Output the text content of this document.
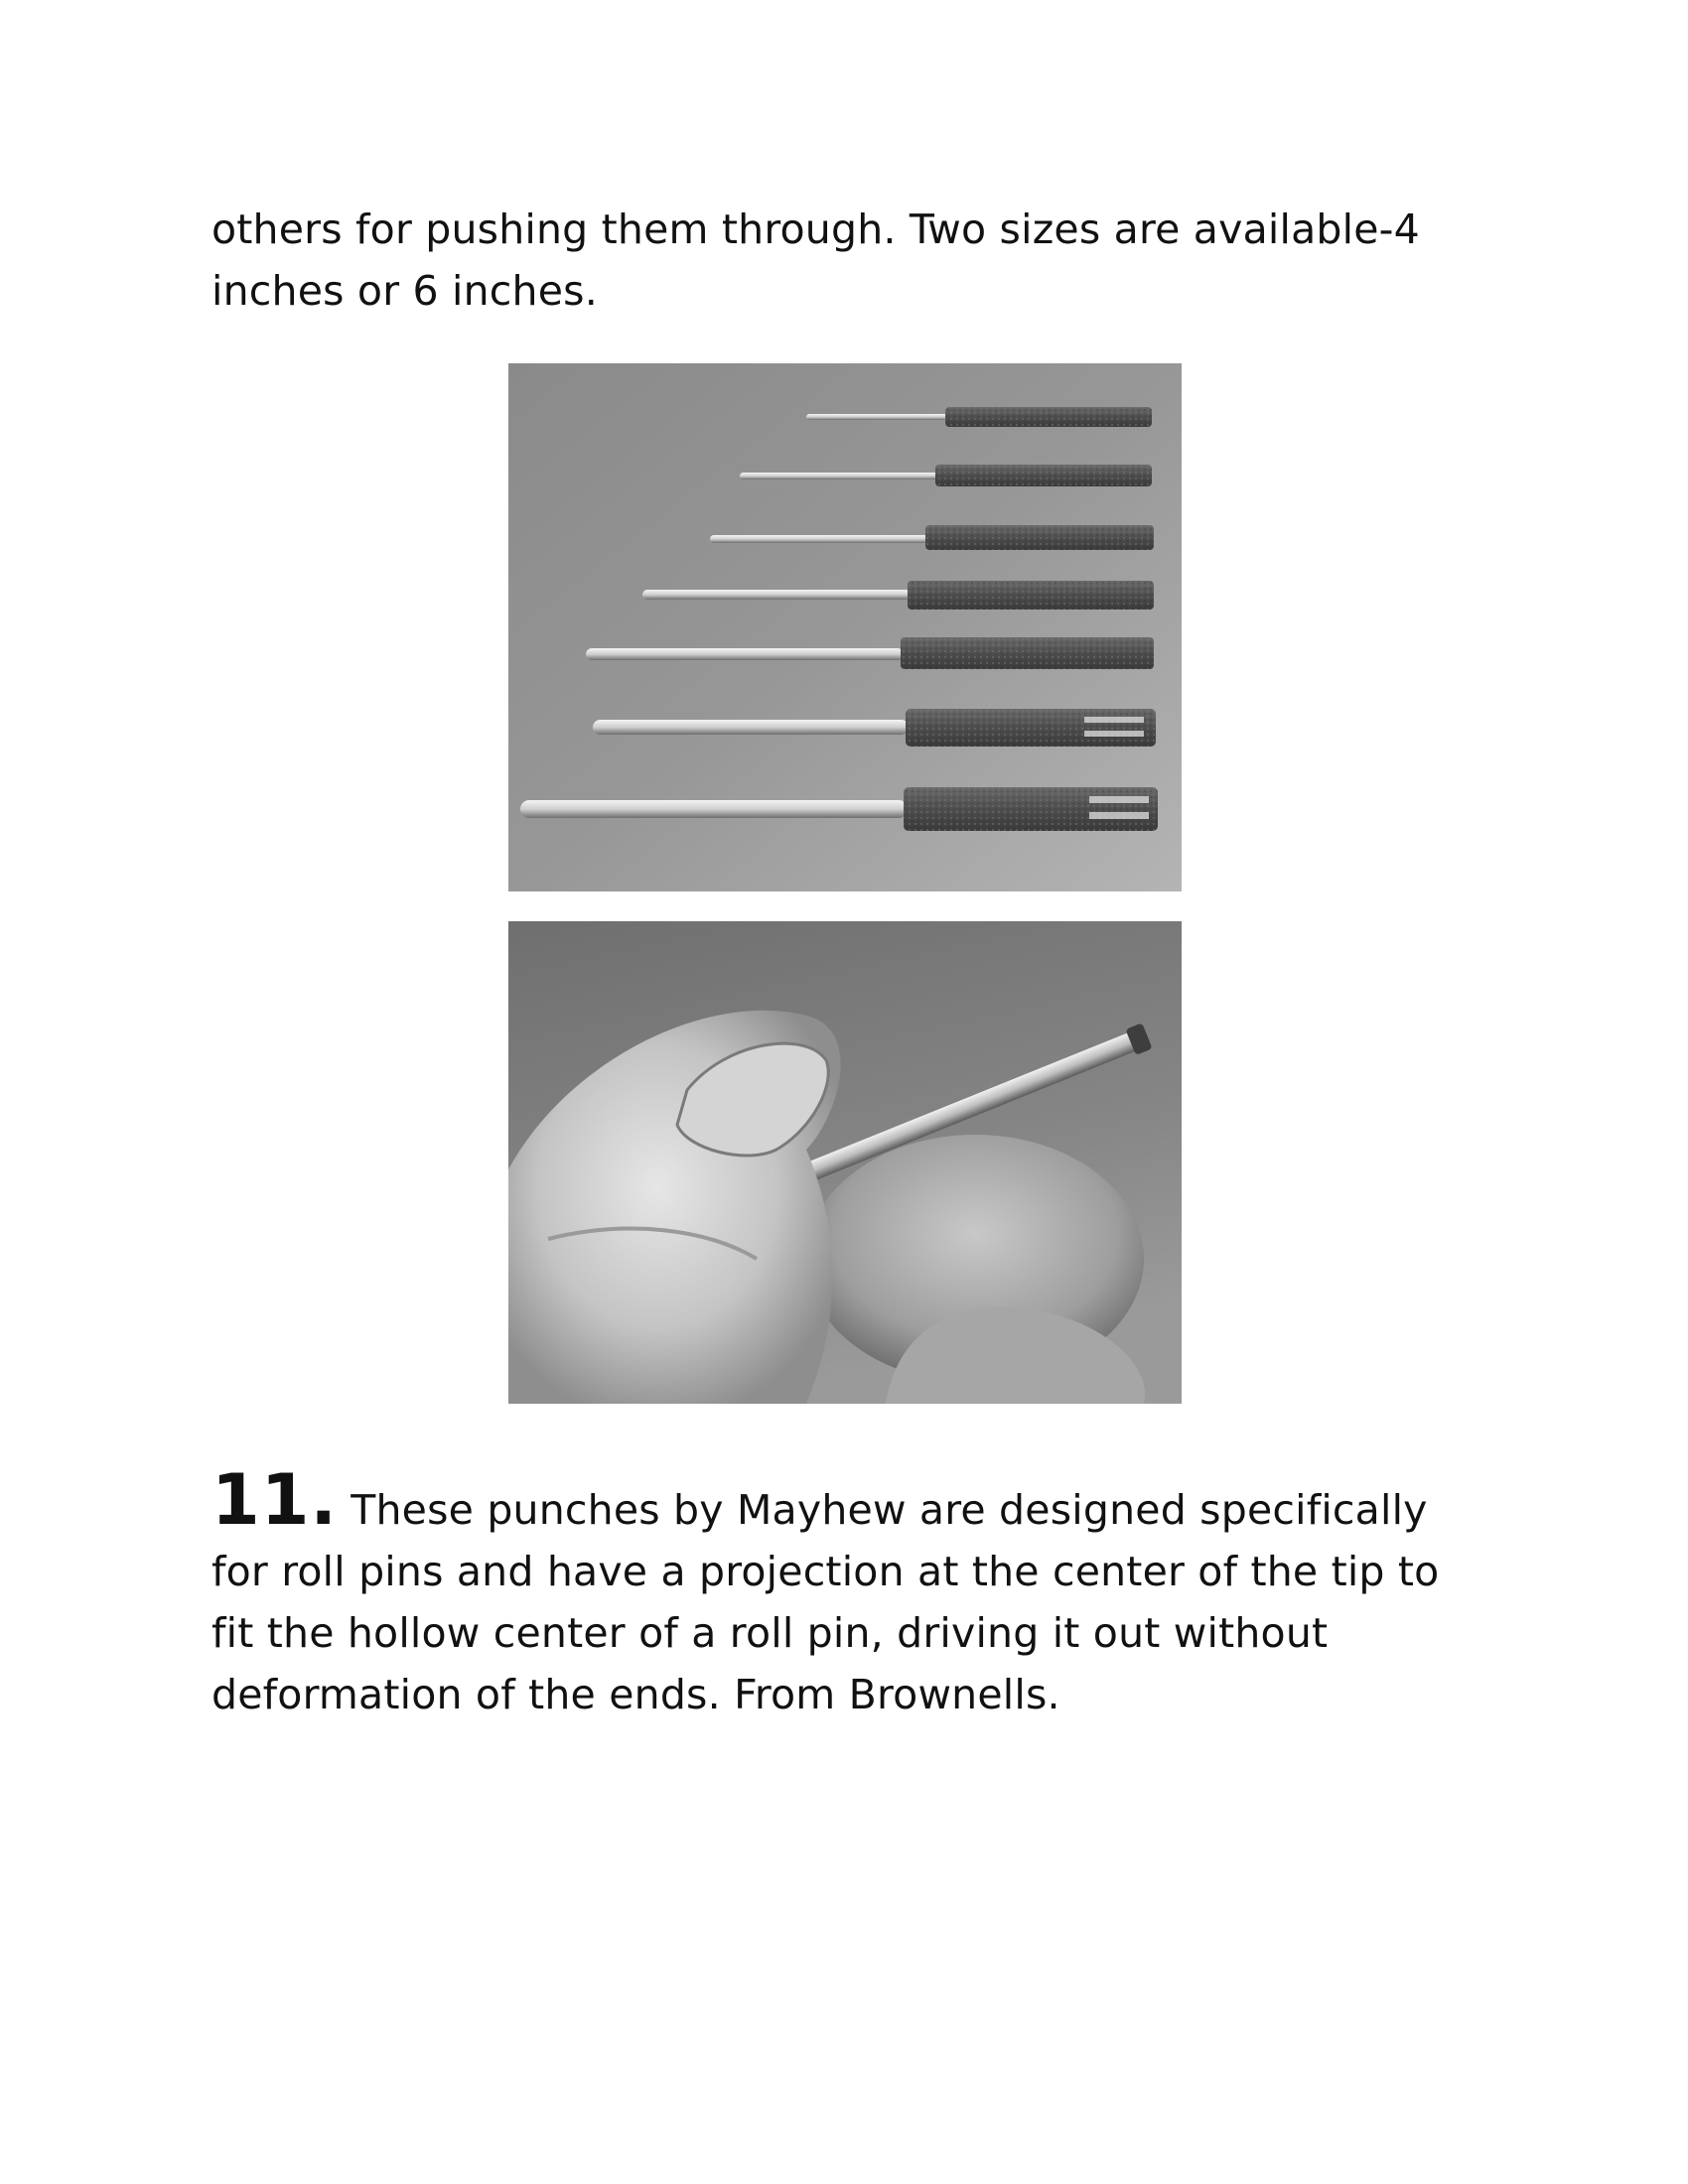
others for pushing them through. Two sizes are available-4 inches or 6 inches.

11. These punches by Mayhew are designed specifically for roll pins and have a projection at the center of the tip to fit the hollow center of a roll pin, driving it out without deformation of the ends. From Brownells.
